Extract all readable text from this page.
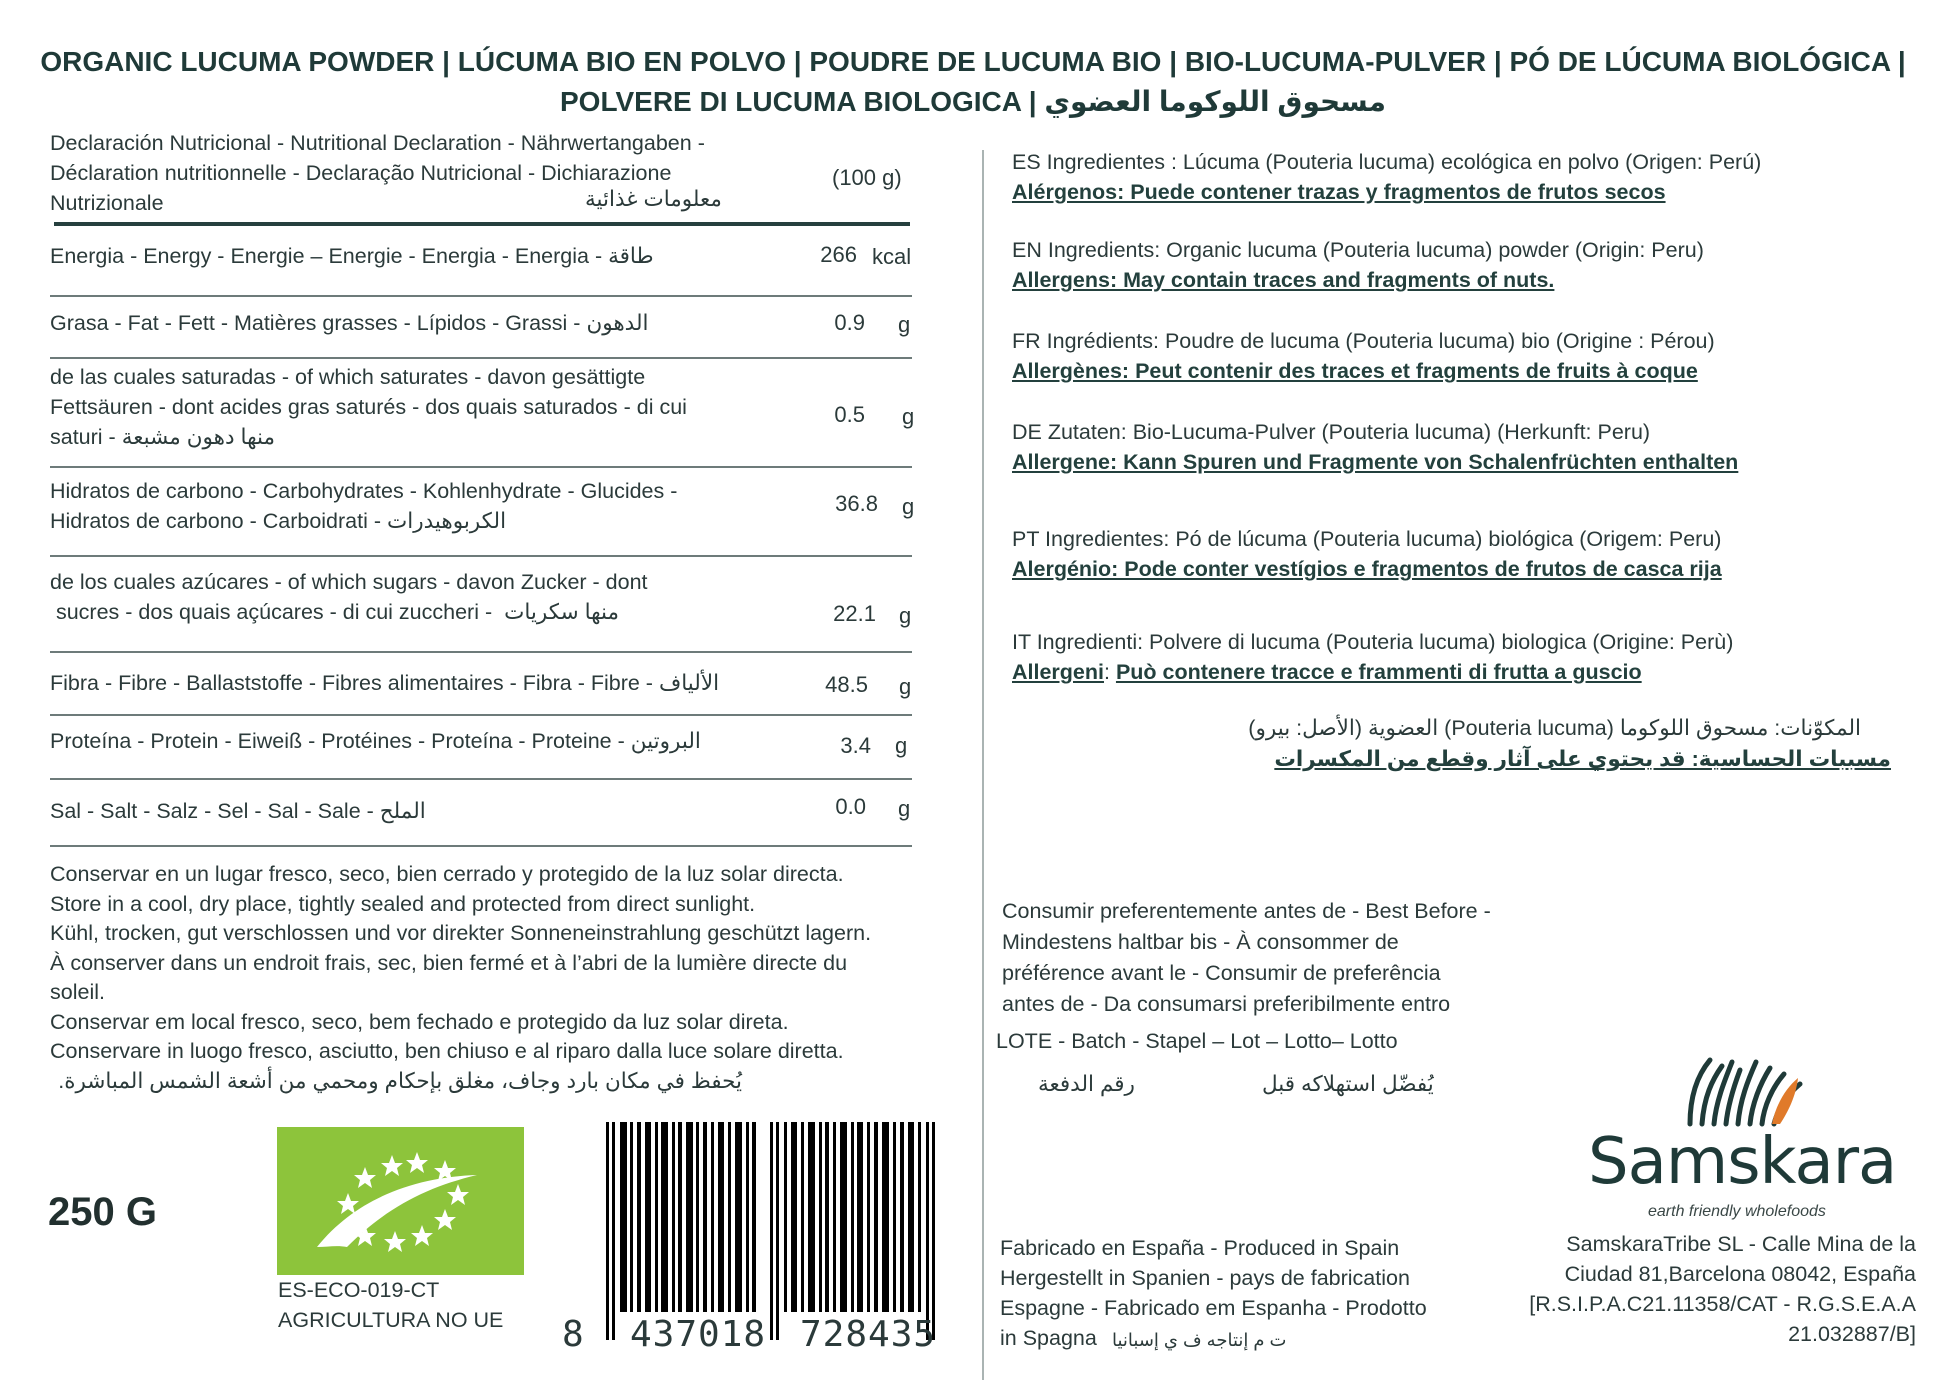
ORGANIC LUCUMA POWDER | LÚCUMA BIO EN POLVO | POUDRE DE LUCUMA BIO | BIO-LUCUMA-PULVER | PÓ DE LÚCUMA BIOLÓGICA |
POLVERE DI LUCUMA BIOLOGICA | مسحوق اللوكوما العضوي
Declaración Nutricional - Nutritional Declaration - Nährwertangaben -
Déclaration nutritionnelle - Declaração Nutricional - Dichiarazione
Nutrizionale	معلومات غذائية
(100 g)
Energia - Energy - Energie – Energie - Energia - Energia - طاقة	266 kcal
Grasa - Fat - Fett - Matières grasses - Lípidos - Grassi - الدهون	0.9 g
de las cuales saturadas - of which saturates - davon gesättigte
Fettsäuren - dont acides gras saturés - dos quais saturados - di cui
saturi - منها دهون مشبعة
0.5 g
Hidratos de carbono - Carbohydrates - Kohlenhydrate - Glucides -
Hidratos de carbono - Carboidrati - الكربوهيدرات
36.8 g
de los cuales azúcares - of which sugars - davon Zucker - dont
sucres - dos quais açúcares - di cui zuccheri -  منها سكريات	22.1 g
Fibra - Fibre - Ballaststoffe - Fibres alimentaires - Fibra - Fibre - الألياف	48.5 g
Proteína - Protein - Eiweiß - Protéines - Proteína - Proteine - البروتين	3.4 g
Sal - Salt - Salz - Sel - Sal - Sale - الملح	0.0 g
Conservar en un lugar fresco, seco, bien cerrado y protegido de la luz solar directa.
Store in a cool, dry place, tightly sealed and protected from direct sunlight.
Kühl, trocken, gut verschlossen und vor direkter Sonneneinstrahlung geschützt lagern.
À conserver dans un endroit frais, sec, bien fermé et à l’abri de la lumière directe du
soleil.
Conservar em local fresco, seco, bem fechado e protegido da luz solar direta.
Conservare in luogo fresco, asciutto, ben chiuso e al riparo dalla luce solare diretta.
يُحفظ في مكان بارد وجاف، مغلق بإحكام ومحمي من أشعة الشمس المباشرة.
250 G
ES-ECO-019-CT
AGRICULTURA NO UE 8 437018 728435
ES Ingredientes : Lúcuma (Pouteria lucuma) ecológica en polvo (Origen: Perú)
Alérgenos: Puede contener trazas y fragmentos de frutos secos
EN Ingredients: Organic lucuma (Pouteria lucuma) powder (Origin: Peru)
Allergens: May contain traces and fragments of nuts.
FR Ingrédients: Poudre de lucuma (Pouteria lucuma) bio (Origine : Pérou)
Allergènes: Peut contenir des traces et fragments de fruits à coque
DE Zutaten: Bio-Lucuma-Pulver (Pouteria lucuma) (Herkunft: Peru)
Allergene: Kann Spuren und Fragmente von Schalenfrüchten enthalten
PT Ingredientes: Pó de lúcuma (Pouteria lucuma) biológica (Origem: Peru)
Alergénio: Pode conter vestígios e fragmentos de frutos de casca rija
IT Ingredienti: Polvere di lucuma (Pouteria lucuma) biologica (Origine: Perù)
Allergeni: Può contenere tracce e frammenti di frutta a guscio
المكوّنات: مسحوق اللوكوما (Pouteria lucuma) العضوية (الأصل: بيرو)
مسببات الحساسية: قد يحتوي على آثار وقطع من المكسرات
Consumir preferentemente antes de - Best Before -
Mindestens haltbar bis - À consommer de
préférence avant le - Consumir de preferência
antes de - Da consumarsi preferibilmente entro
LOTE - Batch - Stapel – Lot – Lotto– Lotto
رقم الدفعة	يُفضّل استهلاكه قبل
Fabricado en España - Produced in Spain
Hergestellt in Spanien - pays de fabrication
Espagne - Fabricado em Espanha - Prodotto
in Spagna ت م إنتاجه ف ي إسبانيا
Samskara
earth friendly wholefoods
SamskaraTribe SL - Calle Mina de la
Ciudad 81,Barcelona 08042, España
[R.S.I.P.A.C21.11358/CAT - R.G.S.E.A.A
21.032887/B]
